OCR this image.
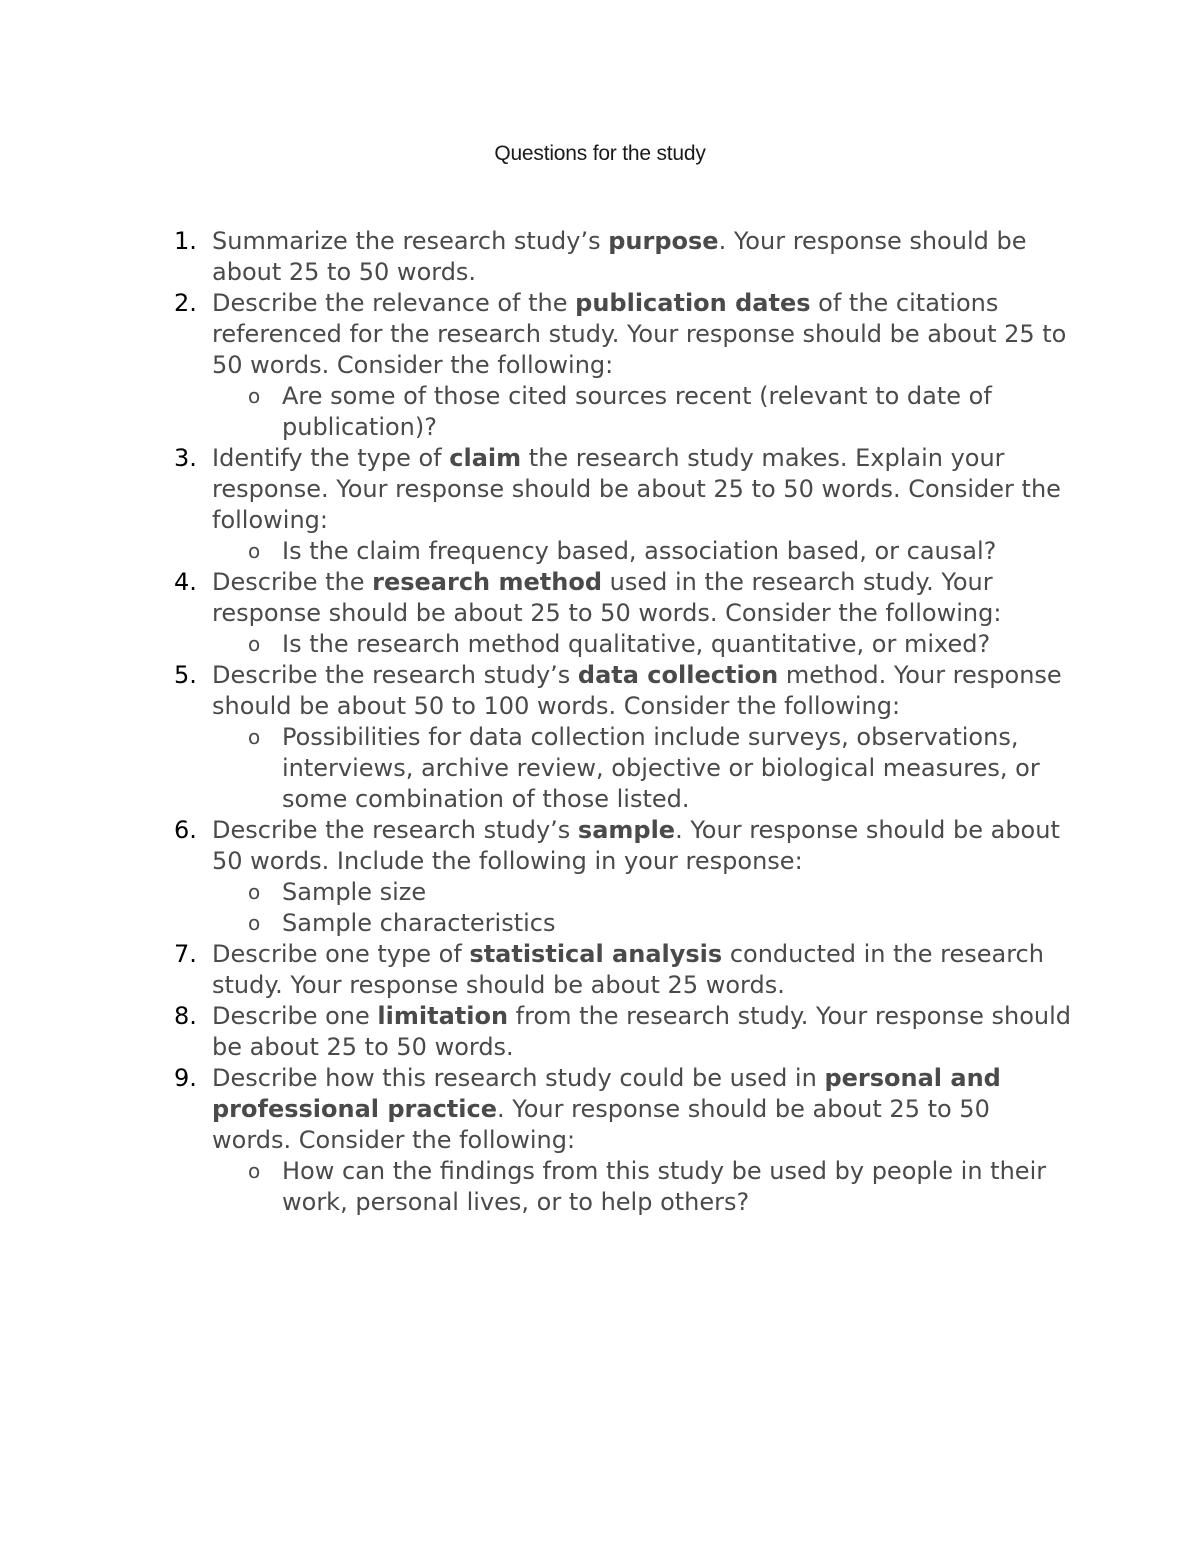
Questions for the study
1. Summarize the research study’s purpose. Your response should be about 25 to 50 words.
2. Describe the relevance of the publication dates of the citations referenced for the research study. Your response should be about 25 to 50 words. Consider the following:
o Are some of those cited sources recent (relevant to date of publication)?
3. Identify the type of claim the research study makes. Explain your response. Your response should be about 25 to 50 words. Consider the following:
o Is the claim frequency based, association based, or causal?
4. Describe the research method used in the research study. Your response should be about 25 to 50 words. Consider the following:
o Is the research method qualitative, quantitative, or mixed?
5. Describe the research study’s data collection method. Your response should be about 50 to 100 words. Consider the following:
o Possibilities for data collection include surveys, observations, interviews, archive review, objective or biological measures, or some combination of those listed.
6. Describe the research study’s sample. Your response should be about 50 words. Include the following in your response:
o Sample size
o Sample characteristics
7. Describe one type of statistical analysis conducted in the research study. Your response should be about 25 words.
8. Describe one limitation from the research study. Your response should be about 25 to 50 words.
9. Describe how this research study could be used in personal and professional practice. Your response should be about 25 to 50 words. Consider the following:
o How can the findings from this study be used by people in their work, personal lives, or to help others?
